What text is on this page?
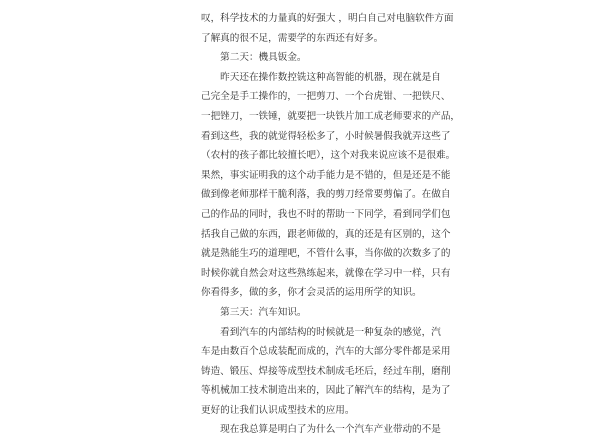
叹，科学技术的力量真的好强大 ，明白自己对电脑软件方面
了解真的很不足，需要学的东西还有好多。
　　第二天：機具钣金。
　　昨天还在操作数控铣这种高智能的机器，现在就是自
己完全是手工操作的，一把剪刀、一个台虎钳、一把铁尺、
一把锉刀，一铁锤，就要把一块铁片加工成老师要求的产品，
看到这些，我的就觉得轻松多了，小时候暑假我就弄这些了
（农村的孩子都比较擅长吧），这个对我来说应该不是很难。
果然，事实证明我的这个动手能力是不错的，但是还是不能
做到像老师那样干脆利落，我的剪刀经常要剪偏了。在做自
己的作品的同时，我也不时的帮助一下同学，看到同学们包
括我自己做的东西，跟老师做的，真的还是有区别的，这个
就是熟能生巧的道理吧，不管什么事，当你做的次数多了的
时候你就自然会对这些熟练起来，就像在学习中一样，只有
你看得多，做的多，你才会灵活的运用所学的知识。
　　第三天：汽车知识。
　　看到汽车的内部结构的时候就是一种复杂的感觉，汽
车是由数百个总成装配而成的，汽车的大部分零件都是采用
铸造、锻压、焊接等成型技术制成毛坯后，经过车削，磨削
等机械加工技术制造出来的，因此了解汽车的结构，是为了
更好的让我们认识成型技术的应用。
　　现在我总算是明白了为什么一个汽车产业带动的不是
